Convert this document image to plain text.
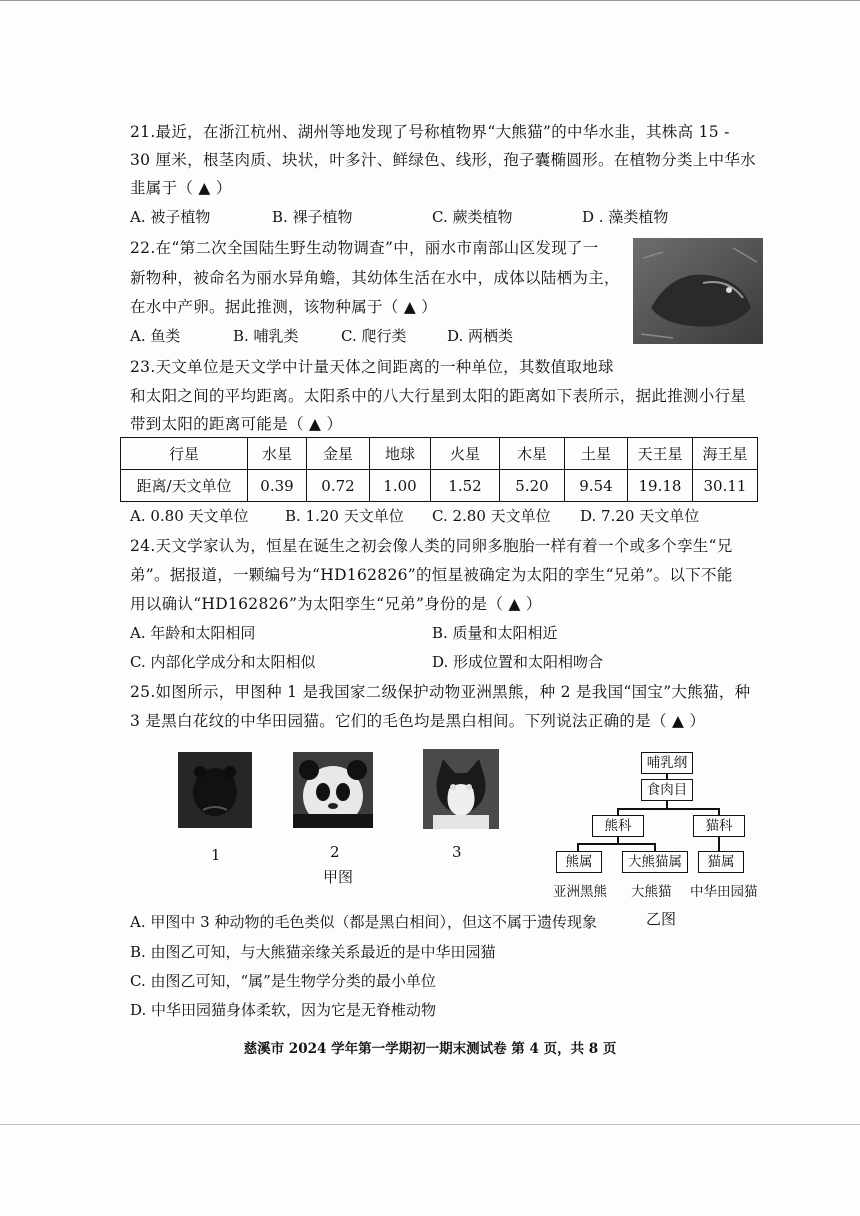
21.最近，在浙江杭州、湖州等地发现了号称植物界“大熊猫”的中华水韭，其株高 15 -
30 厘米，根茎肉质、块状，叶多汁、鲜绿色、线形，孢子囊椭圆形。在植物分类上中华水
韭属于（ ▲ ）
A. 被子植物	B. 裸子植物	C. 蕨类植物	D . 藻类植物
22.在“第二次全国陆生野生动物调查”中，丽水市南部山区发现了一
新物种，被命名为丽水异角蟾，其幼体生活在水中，成体以陆栖为主，
在水中产卵。据此推测，该物种属于（ ▲ ）
A. 鱼类	B. 哺乳类	C. 爬行类	D. 两栖类
23.天文单位是天文学中计量天体之间距离的一种单位，其数值取地球
和太阳之间的平均距离。太阳系中的八大行星到太阳的距离如下表所示，据此推测小行星
带到太阳的距离可能是（ ▲ ）
行星	水星	金星	地球	火星	木星	土星	天王星	海王星
距离/天文单位	0.39	0.72	1.00	1.52	5.20	9.54	19.18	30.11
A. 0.80 天文单位 B. 1.20 天文单位 C. 2.80 天文单位 D. 7.20 天文单位
24.天文学家认为，恒星在诞生之初会像人类的同卵多胞胎一样有着一个或多个孪生“兄
弟”。据报道，一颗编号为“HD162826”的恒星被确定为太阳的孪生“兄弟”。以下不能
用以确认“HD162826”为太阳孪生“兄弟”身份的是（ ▲ ）
A. 年龄和太阳相同	B. 质量和太阳相近
C. 内部化学成分和太阳相似	D. 形成位置和太阳相吻合
25.如图所示，甲图种 1 是我国家二级保护动物亚洲黑熊，种 2 是我国“国宝”大熊猫，种
3 是黑白花纹的中华田园猫。它们的毛色均是黑白相间。下列说法正确的是（ ▲ ）
1	2	3
甲图
哺乳纲
食肉目
熊科	猫科
熊属	大熊猫属	猫属
亚洲黑熊 大熊猫 中华田园猫
乙图
A. 甲图中 3 种动物的毛色类似（都是黑白相间），但这不属于遗传现象
B. 由图乙可知，与大熊猫亲缘关系最近的是中华田园猫
C. 由图乙可知，“属”是生物学分类的最小单位
D. 中华田园猫身体柔软，因为它是无脊椎动物
慈溪市 2024 学年第一学期初一期末测试卷 第 4 页，共 8 页
